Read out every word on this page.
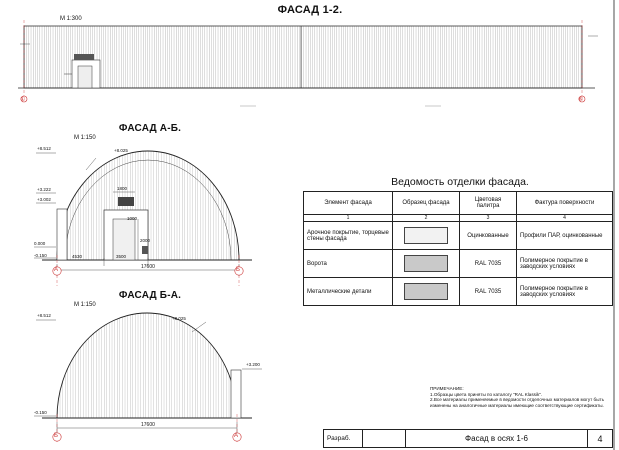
ФАСАД 1-2.
М 1:300
ФАСАД А-Б.
М 1:150
ФАСАД Б-А.
М 1:150
①	⑥
+8.512	+8.025
+3.222
+3.002
0.000
-0.150
1800
1000
2000
4530	3500
17600
А	Б
+8.512
+8.025
+3.200
-0.150
17600
Б	А
Ведомость отделки фасада.
Элемент фасада	Образец фасада	Цветовая палитра	Фактура поверхности
1	2	3	4
Арочное покрытие, торцевые стены фасада		Оцинкованные	Профили ПАР, оцинкованные
Ворота		RAL 7035	Полимерное покрытие в заводских условиях
Металлические детали		RAL 7035	Полимерное покрытие в заводских условиях
ПРИМЕЧАНИЕ:
1.Образцы цвета приняты по каталогу "RAL Klassik".
2.Все материалы применяемые в ведомости отделочных материалов могут быть изменены на аналогичные материалы имеющие соответствующие сертификаты.
Разраб.		Фасад в осях 1-6	4
